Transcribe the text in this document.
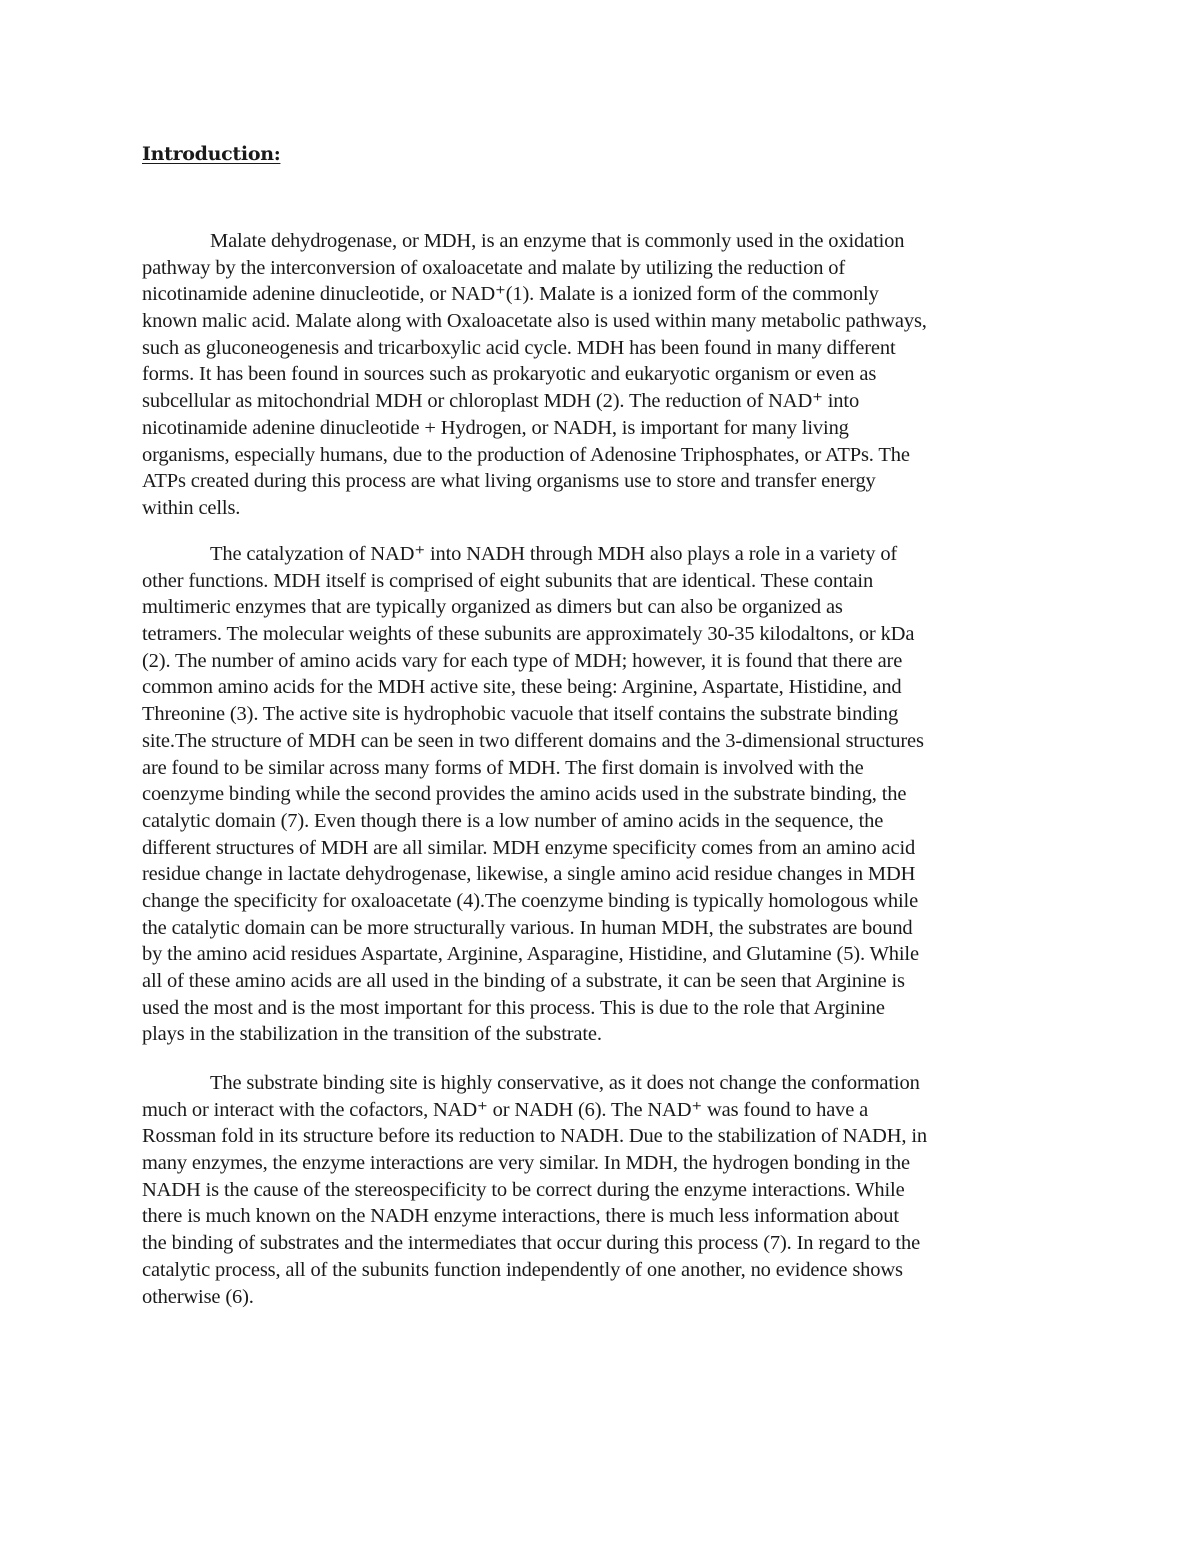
Introduction:
Malate dehydrogenase, or MDH, is an enzyme that is commonly used in the oxidation
pathway by the interconversion of oxaloacetate and malate by utilizing the reduction of
nicotinamide adenine dinucleotide, or NAD⁺(1). Malate is a ionized form of the commonly
known malic acid. Malate along with Oxaloacetate also is used within many metabolic pathways,
such as gluconeogenesis and tricarboxylic acid cycle. MDH has been found in many different
forms. It has been found in sources such as prokaryotic and eukaryotic organism or even as
subcellular as mitochondrial MDH or chloroplast MDH (2). The reduction of NAD⁺ into
nicotinamide adenine dinucleotide + Hydrogen, or NADH, is important for many living
organisms, especially humans, due to the production of Adenosine Triphosphates, or ATPs. The
ATPs created during this process are what living organisms use to store and transfer energy
within cells.
The catalyzation of NAD⁺ into NADH through MDH also plays a role in a variety of
other functions. MDH itself is comprised of eight subunits that are identical. These contain
multimeric enzymes that are typically organized as dimers but can also be organized as
tetramers. The molecular weights of these subunits are approximately 30-35 kilodaltons, or kDa
(2). The number of amino acids vary for each type of MDH; however, it is found that there are
common amino acids for the MDH active site, these being: Arginine, Aspartate, Histidine, and
Threonine (3). The active site is hydrophobic vacuole that itself contains the substrate binding
site.The structure of MDH can be seen in two different domains and the 3-dimensional structures
are found to be similar across many forms of MDH. The first domain is involved with the
coenzyme binding while the second provides the amino acids used in the substrate binding, the
catalytic domain (7). Even though there is a low number of amino acids in the sequence, the
different structures of MDH are all similar. MDH enzyme specificity comes from an amino acid
residue change in lactate dehydrogenase, likewise, a single amino acid residue changes in MDH
change the specificity for oxaloacetate (4).The coenzyme binding is typically homologous while
the catalytic domain can be more structurally various. In human MDH, the substrates are bound
by the amino acid residues Aspartate, Arginine, Asparagine, Histidine, and Glutamine (5). While
all of these amino acids are all used in the binding of a substrate, it can be seen that Arginine is
used the most and is the most important for this process. This is due to the role that Arginine
plays in the stabilization in the transition of the substrate.
The substrate binding site is highly conservative, as it does not change the conformation
much or interact with the cofactors, NAD⁺ or NADH (6). The NAD⁺ was found to have a
Rossman fold in its structure before its reduction to NADH. Due to the stabilization of NADH, in
many enzymes, the enzyme interactions are very similar. In MDH, the hydrogen bonding in the
NADH is the cause of the stereospecificity to be correct during the enzyme interactions. While
there is much known on the NADH enzyme interactions, there is much less information about
the binding of substrates and the intermediates that occur during this process (7). In regard to the
catalytic process, all of the subunits function independently of one another, no evidence shows
otherwise (6).
